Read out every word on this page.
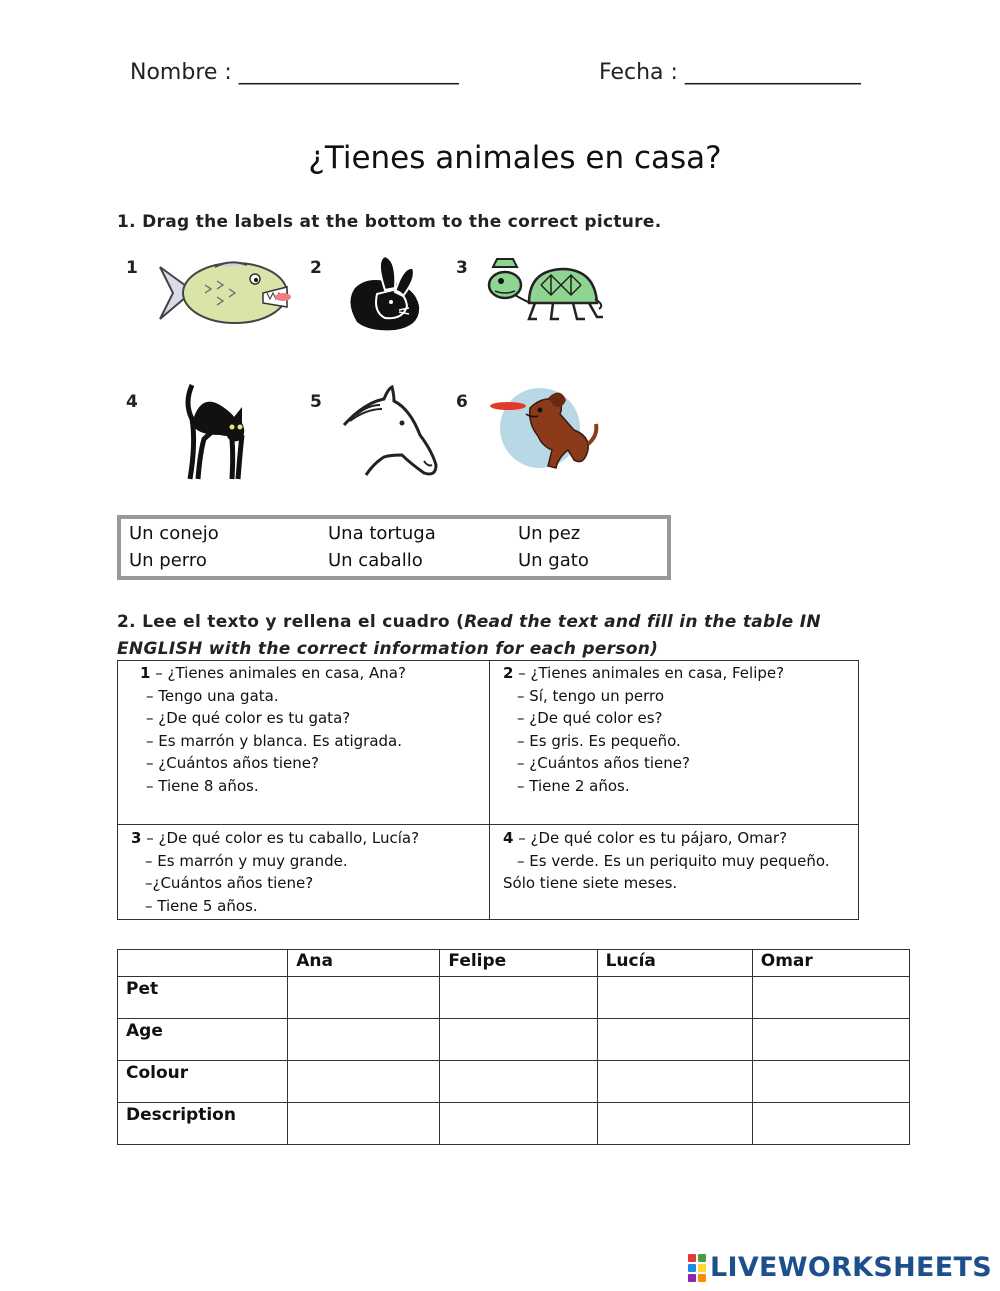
Nombre : ____________________	Fecha : ________________
¿Tienes animales en casa?
1. Drag the labels at the bottom to the correct picture.
1	2	3
4	5	6
Un conejo	Una tortuga	Un pez
Un perro	Un caballo	Un gato
2. Lee el texto y rellena el cuadro (Read the text and fill in the table IN
ENGLISH with the correct information for each person)
1 – ¿Tienes animales en casa, Ana?
– Tengo una gata.
– ¿De qué color es tu gata?
– Es marrón y blanca. Es atigrada.
– ¿Cuántos años tiene?
– Tiene 8 años.
2 – ¿Tienes animales en casa, Felipe?
– Sí, tengo un perro
– ¿De qué color es?
– Es gris. Es pequeño.
– ¿Cuántos años tiene?
– Tiene 2 años.
3 – ¿De qué color es tu caballo, Lucía?
– Es marrón y muy grande.
–¿Cuántos años tiene?
– Tiene 5 años.
4 – ¿De qué color es tu pájaro, Omar?
– Es verde. Es un periquito muy pequeño.
Sólo tiene siete meses.
	Ana	Felipe	Lucía	Omar
Pet				
Age				
Colour				
Description				
LIVEWORKSHEETS
